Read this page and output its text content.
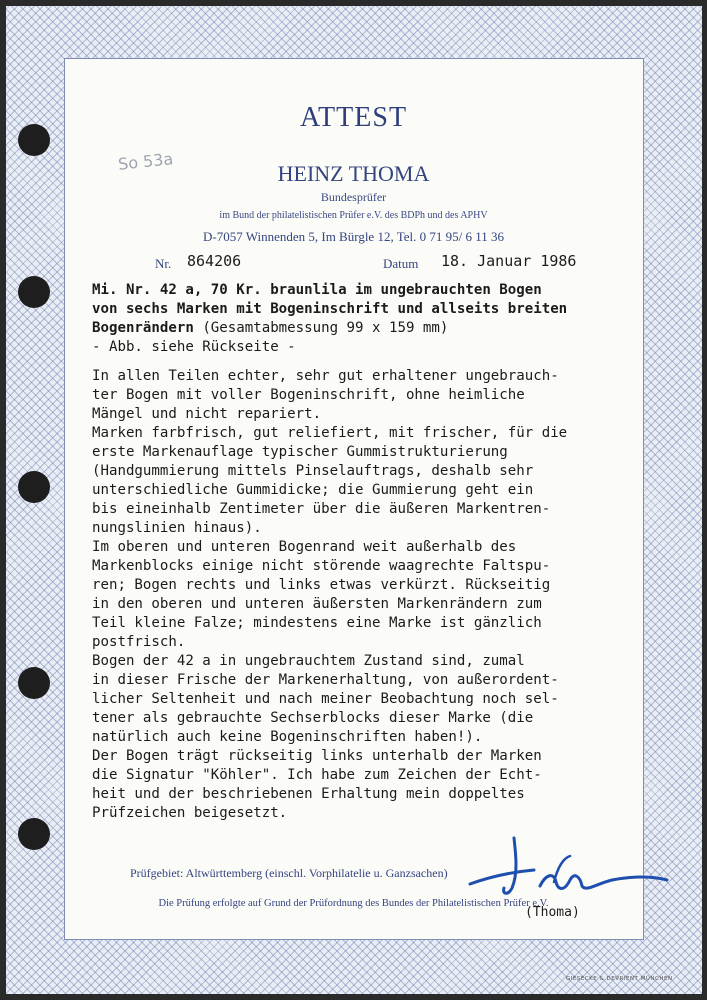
ATTEST
So 53a	HEINZ THOMA
Bundesprüfer
im Bund der philatelistischen Prüfer e.V. des BDPh und des APHV
D-7057 Winnenden 5, Im Bürgle 12, Tel. 0 71 95/ 6 11 36
Nr. 864206	Datum 18. Januar 1986
Mi. Nr. 42 a, 70 Kr. braunlila im ungebrauchten Bogen
von sechs Marken mit Bogeninschrift und allseits breiten
Bogenrändern (Gesamtabmessung 99 x 159 mm)
- Abb. siehe Rückseite -
In allen Teilen echter, sehr gut erhaltener ungebrauch-
ter Bogen mit voller Bogeninschrift, ohne heimliche
Mängel und nicht repariert.
Marken farbfrisch, gut reliefiert, mit frischer, für die
erste Markenauflage typischer Gummistrukturierung
(Handgummierung mittels Pinselauftrags, deshalb sehr
unterschiedliche Gummidicke; die Gummierung geht ein
bis eineinhalb Zentimeter über die äußeren Markentren-
nungslinien hinaus).
Im oberen und unteren Bogenrand weit außerhalb des
Markenblocks einige nicht störende waagrechte Faltspu-
ren; Bogen rechts und links etwas verkürzt. Rückseitig
in den oberen und unteren äußersten Markenrändern zum
Teil kleine Falze; mindestens eine Marke ist gänzlich
postfrisch.
Bogen der 42 a in ungebrauchtem Zustand sind, zumal
in dieser Frische der Markenerhaltung, von außerordent-
licher Seltenheit und nach meiner Beobachtung noch sel-
tener als gebrauchte Sechserblocks dieser Marke (die
natürlich auch keine Bogeninschriften haben!).
Der Bogen trägt rückseitig links unterhalb der Marken
die Signatur "Köhler". Ich habe zum Zeichen der Echt-
heit und der beschriebenen Erhaltung mein doppeltes
Prüfzeichen beigesetzt.
Prüfgebiet: Altwürttemberg (einschl. Vorphilatelie u. Ganzsachen)
Die Prüfung erfolgte auf Grund der Prüfordnung des Bundes der Philatelistischen Prüfer e.V.
(Thoma)
GIESECKE & DEVRIENT MÜNCHEN
